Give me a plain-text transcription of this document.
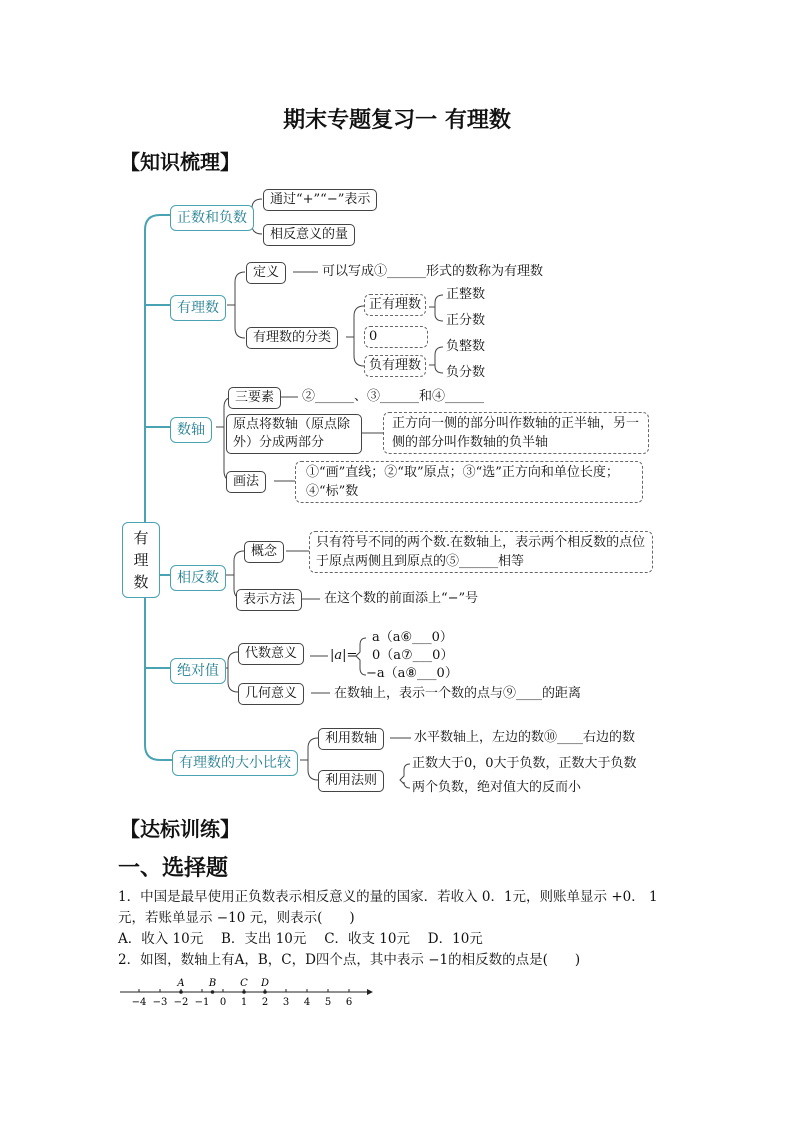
期末专题复习一 有理数
【知识梳理】
有
理
数
正数和负数
通过“+”“−”表示
相反意义的量
有理数
定义	可以写成①______形式的数称为有理数
有理数的分类
正有理数
0
负有理数
正整数
正分数
负整数
负分数
数轴
三要素	②______、③______和④______
原点将数轴（原点除外）分成两部分
正方向一侧的部分叫作数轴的正半轴，另一侧的部分叫作数轴的负半轴
画法
①“画”直线；②“取”原点；③“选”正方向和单位长度；④“标”数
相反数
概念
只有符号不同的两个数.在数轴上，表示两个相反数的点位于原点两侧且到原点的⑤______相等
表示方法	在这个数的前面添上“−”号
绝对值
代数意义	|a|=
a（a⑥___0）
0（a⑦___0）
−a（a⑧___0）
几何意义	在数轴上，表示一个数的点与⑨____的距离
有理数的大小比较
利用数轴	水平数轴上，左边的数⑩____右边的数
利用法则
正数大于0，0大于负数，正数大于负数
两个负数，绝对值大的反而小
【达标训练】
一、选择题
1．中国是最早使用正负数表示相反意义的量的国家．若收入 0．1元，则账单显示 +0． 1
元，若账单显示 −10 元，则表示(　　)
A．收入 10元　 B．支出 10元　 C．收支 10元　 D．10元
2．如图，数轴上有A，B，C，D四个点，其中表示 −1的相反数的点是(　　)
−4 −3 −2 −1 0 1 2 3 4 5 6
A B C D
